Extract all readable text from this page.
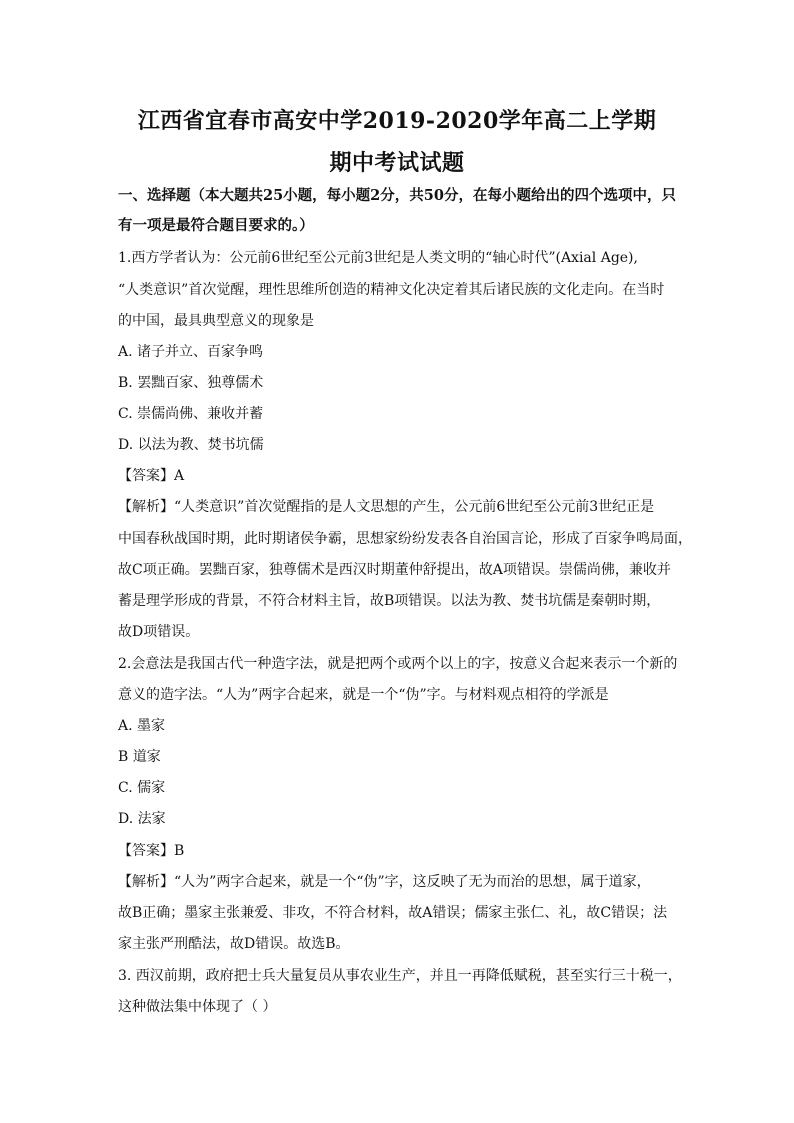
江西省宜春市高安中学2019-2020学年高二上学期
期中考试试题
一、选择题（本大题共25小题，每小题2分，共50分，在每小题给出的四个选项中，只
有一项是最符合题目要求的。）
1.西方学者认为：公元前6世纪至公元前3世纪是人类文明的“轴心时代”(Axial Age),
“人类意识”首次觉醒，理性思维所创造的精神文化决定着其后诸民族的文化走向。在当时
的中国，最具典型意义的现象是
A. 诸子并立、百家争鸣
B. 罢黜百家、独尊儒术
C. 崇儒尚佛、兼收并蓄
D. 以法为教、焚书坑儒
【答案】A
【解析】“人类意识”首次觉醒指的是人文思想的产生，公元前6世纪至公元前3世纪正是
中国春秋战国时期，此时期诸侯争霸，思想家纷纷发表各自治国言论，形成了百家争鸣局面，
故C项正确。罢黜百家，独尊儒术是西汉时期董仲舒提出，故A项错误。崇儒尚佛，兼收并
蓄是理学形成的背景，不符合材料主旨，故B项错误。以法为教、焚书坑儒是秦朝时期，
故D项错误。
2.会意法是我国古代一种造字法，就是把两个或两个以上的字，按意义合起来表示一个新的
意义的造字法。“人为”两字合起来，就是一个“伪”字。与材料观点相符的学派是
A. 墨家
B 道家
C. 儒家
D. 法家
【答案】B
【解析】“人为”两字合起来，就是一个“伪”字，这反映了无为而治的思想，属于道家，
故B正确；墨家主张兼爱、非攻，不符合材料，故A错误；儒家主张仁、礼，故C错误；法
家主张严刑酷法，故D错误。故选B。
3. 西汉前期，政府把士兵大量复员从事农业生产，并且一再降低赋税，甚至实行三十税一，
这种做法集中体现了（ ）
